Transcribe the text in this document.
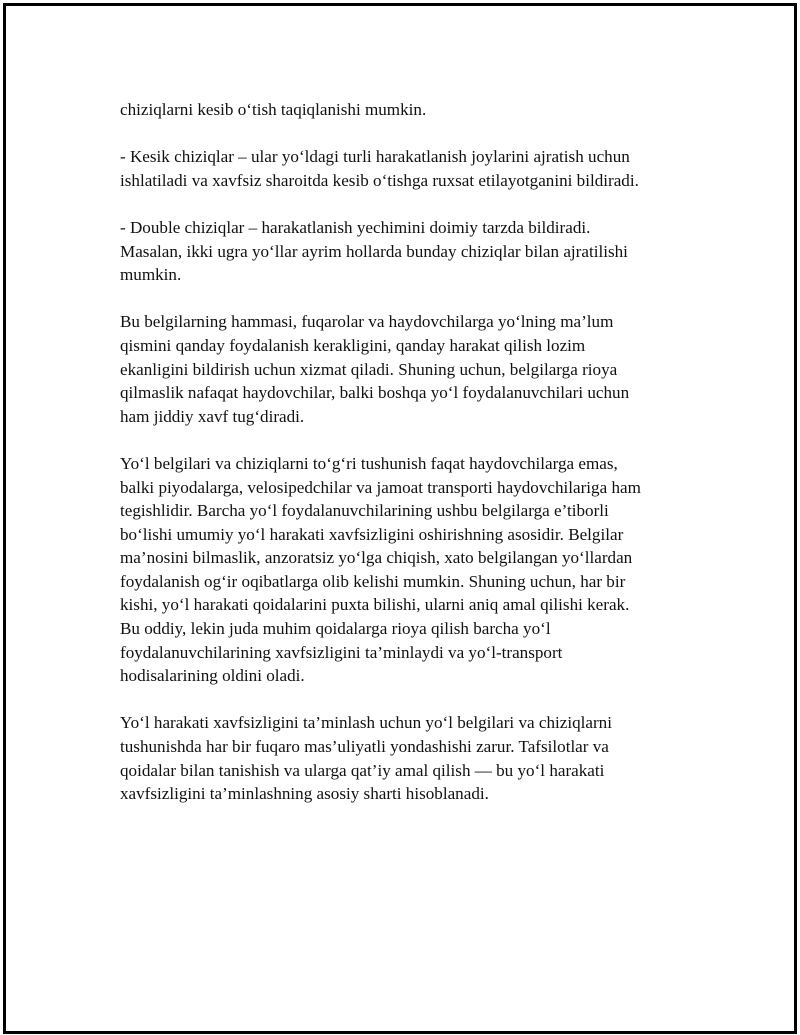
chiziqlarni kesib o‘tish taqiqlanishi mumkin.

- Kesik chiziqlar – ular yo‘ldagi turli harakatlanish joylarini ajratish uchun
ishlatiladi va xavfsiz sharoitda kesib o‘tishga ruxsat etilayotganini bildiradi.

- Double chiziqlar – harakatlanish yechimini doimiy tarzda bildiradi.
Masalan, ikki ugra yo‘llar ayrim hollarda bunday chiziqlar bilan ajratilishi
mumkin.

Bu belgilarning hammasi, fuqarolar va haydovchilarga yo‘lning ma’lum
qismini qanday foydalanish kerakligini, qanday harakat qilish lozim
ekanligini bildirish uchun xizmat qiladi. Shuning uchun, belgilarga rioya
qilmaslik nafaqat haydovchilar, balki boshqa yo‘l foydalanuvchilari uchun
ham jiddiy xavf tug‘diradi.

Yo‘l belgilari va chiziqlarni to‘g‘ri tushunish faqat haydovchilarga emas,
balki piyodalarga, velosipedchilar va jamoat transporti haydovchilariga ham
tegishlidir. Barcha yo‘l foydalanuvchilarining ushbu belgilarga e’tiborli
bo‘lishi umumiy yo‘l harakati xavfsizligini oshirishning asosidir. Belgilar
ma’nosini bilmaslik, anzoratsiz yo‘lga chiqish, xato belgilangan yo‘llardan
foydalanish og‘ir oqibatlarga olib kelishi mumkin. Shuning uchun, har bir
kishi, yo‘l harakati qoidalarini puxta bilishi, ularni aniq amal qilishi kerak.
Bu oddiy, lekin juda muhim qoidalarga rioya qilish barcha yo‘l
foydalanuvchilarining xavfsizligini ta’minlaydi va yo‘l-transport
hodisalarining oldini oladi.

Yo‘l harakati xavfsizligini ta’minlash uchun yo‘l belgilari va chiziqlarni
tushunishda har bir fuqaro mas’uliyatli yondashishi zarur. Tafsilotlar va
qoidalar bilan tanishish va ularga qat’iy amal qilish — bu yo‘l harakati
xavfsizligini ta’minlashning asosiy sharti hisoblanadi.
